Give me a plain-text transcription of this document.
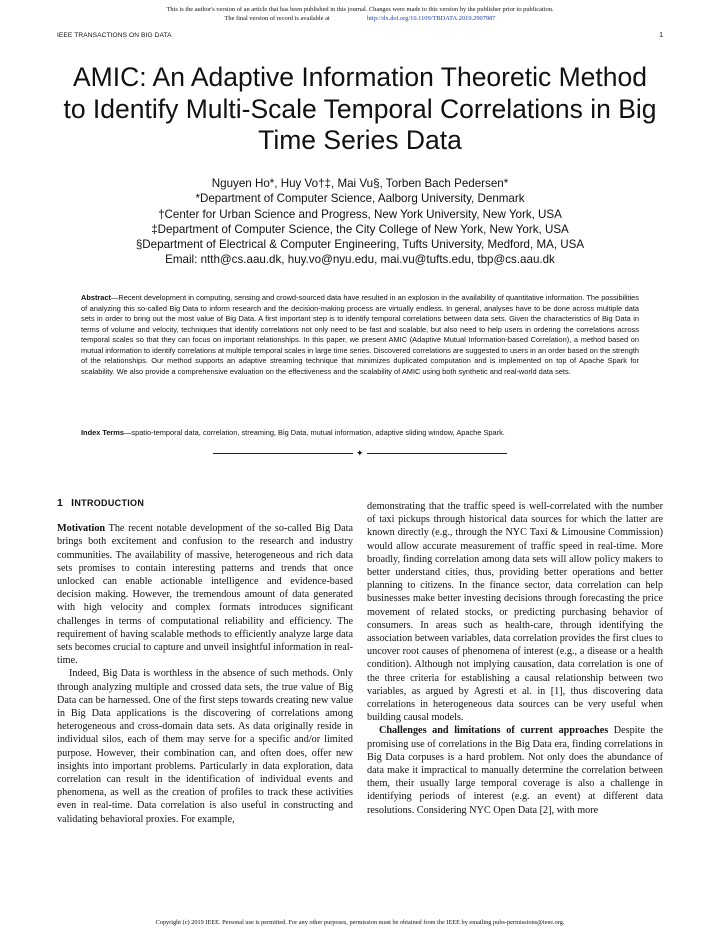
This is the author's version of an article that has been published in this journal. Changes were made to this version by the publisher prior to publication.
The final version of record is available at	http://dx.doi.org/10.1109/TBDATA.2019.2907987
IEEE TRANSACTIONS ON BIG DATA	1
AMIC: An Adaptive Information Theoretic Method to Identify Multi-Scale Temporal Correlations in Big Time Series Data
Nguyen Ho*, Huy Vo†‡, Mai Vu§, Torben Bach Pedersen*
*Department of Computer Science, Aalborg University, Denmark
†Center for Urban Science and Progress, New York University, New York, USA
‡Department of Computer Science, the City College of New York, New York, USA
§Department of Electrical & Computer Engineering, Tufts University, Medford, MA, USA
Email: ntth@cs.aau.dk, huy.vo@nyu.edu, mai.vu@tufts.edu, tbp@cs.aau.dk
Abstract—Recent development in computing, sensing and crowd-sourced data have resulted in an explosion in the availability of quantitative information. The possibilities of analyzing this so-called Big Data to inform research and the decision-making process are virtually endless. In general, analyses have to be done across multiple data sets in order to bring out the most value of Big Data. A first important step is to identify temporal correlations between data sets. Given the characteristics of Big Data in terms of volume and velocity, techniques that identify correlations not only need to be fast and scalable, but also need to help users in ordering the correlations across temporal scales so that they can focus on important relationships. In this paper, we present AMIC (Adaptive Mutual Information-based Correlation), a method based on mutual information to identify correlations at multiple temporal scales in large time series. Discovered correlations are suggested to users in an order based on the strength of the relationships. Our method supports an adaptive streaming technique that minimizes duplicated computation and is implemented on top of Apache Spark for scalability. We also provide a comprehensive evaluation on the effectiveness and the scalability of AMIC using both synthetic and real-world data sets.
Index Terms—spatio-temporal data, correlation, streaming, Big Data, mutual information, adaptive sliding window, Apache Spark.
✦
1 INTRODUCTION

Motivation The recent notable development of the so-called Big Data brings both excitement and confusion to the research and industry communities. The availability of massive, heterogeneous and rich data sets promises to contain interesting patterns and trends that once unlocked can enable actionable intelligence and evidence-based decision making. However, the tremendous amount of data generated with high velocity and complex formats introduces significant challenges in terms of computational reliability and efficiency. The requirement of having scalable methods to efficiently analyze large data sets becomes crucial to capture and unveil insightful information in real-time.

Indeed, Big Data is worthless in the absence of such methods. Only through analyzing multiple and crossed data sets, the true value of Big Data can be harnessed. One of the first steps towards creating new value in Big Data applications is the discovering of correlations among heterogeneous and cross-domain data sets. As data originally reside in individual silos, each of them may serve for a specific and/or limited purpose. However, their combination can, and often does, offer new insights into important problems. Particularly in data exploration, data correlation can result in the identification of individual events and phenomena, as well as the creation of profiles to track these activities even in real-time. Data correlation is also useful in constructing and validating behavioral proxies. For example,

demonstrating that the traffic speed is well-correlated with the number of taxi pickups through historical data sources for which the latter are known directly (e.g., through the NYC Taxi & Limousine Commission) would allow accurate measurement of traffic speed in real-time. More broadly, finding correlation among data sets will allow policy makers to better understand cities, thus, providing better operations and better planning to citizens. In the finance sector, data correlation can help businesses make better investing decisions through forecasting the price movement of related stocks, or predicting purchasing behavior of consumers. In areas such as health-care, through identifying the association between variables, data correlation provides the first clues to uncover root causes of phenomena of interest (e.g., a disease or a health condition). Although not implying causation, data correlation is one of the three criteria for establishing a causal relationship between two variables, as argued by Agresti et al. in [1], thus discovering data correlations in heterogeneous data sources can be very useful when building causal models.

Challenges and limitations of current approaches Despite the promising use of correlations in the Big Data era, finding correlations in Big Data corpuses is a hard problem. Not only does the abundance of data make it impractical to manually determine the correlation between them, their usually large temporal coverage is also a challenge in identifying periods of interest (e.g. an event) at different data resolutions. Considering NYC Open Data [2], with more

Copyright (c) 2019 IEEE. Personal use is permitted. For any other purposes, permission must be obtained from the IEEE by emailing pubs-permissions@ieee.org.
